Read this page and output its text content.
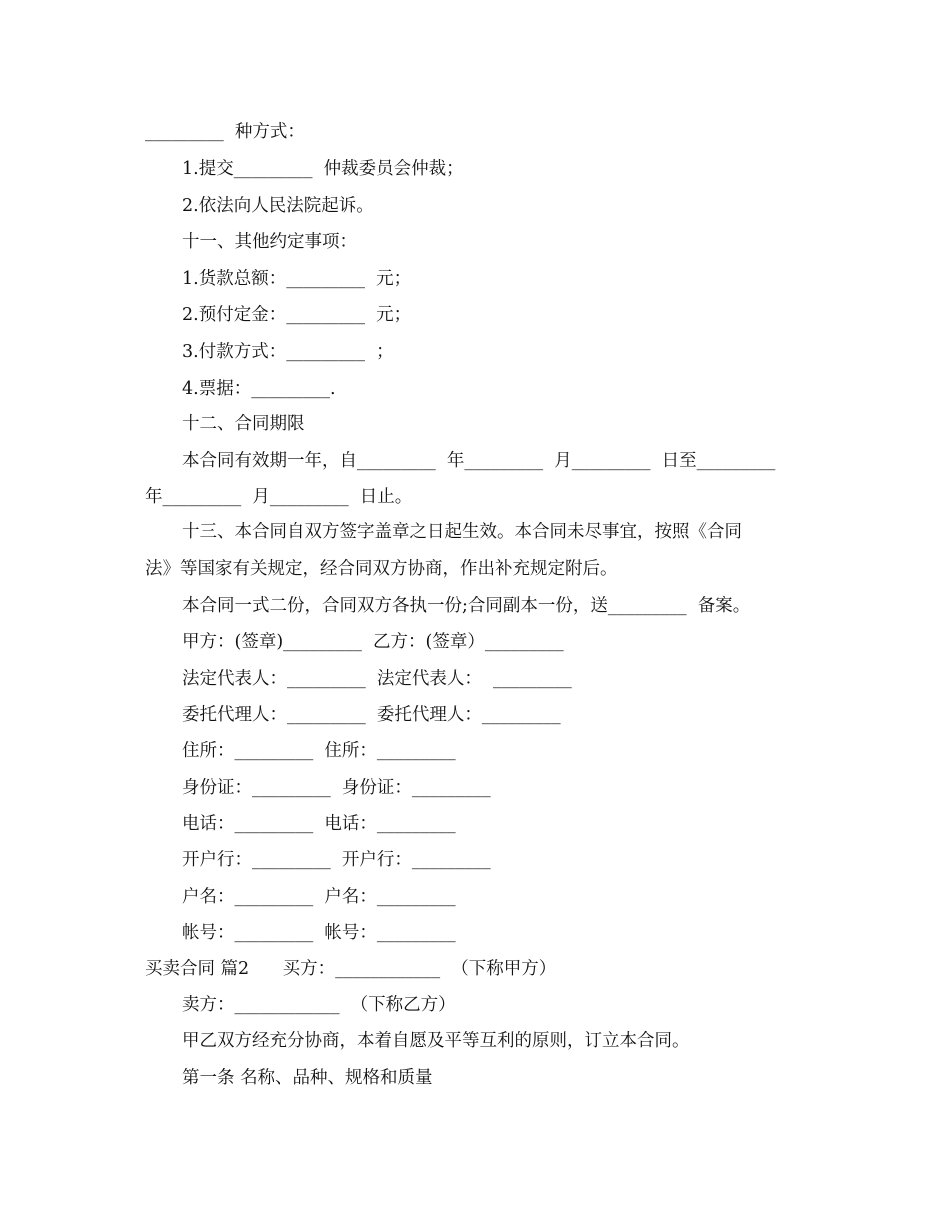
_________  种方式：
1.提交_________  仲裁委员会仲裁；
2.依法向人民法院起诉。
十一、其他约定事项：
1.货款总额：_________  元；
2.预付定金：_________  元；
3.付款方式：_________  ；
4.票据：_________.
十二、合同期限
本合同有效期一年，自_________  年_________  月_________  日至_________
年_________  月_________  日止。
十三、本合同自双方签字盖章之日起生效。本合同未尽事宜，按照《合同
法》等国家有关规定，经合同双方协商，作出补充规定附后。
本合同一式二份，合同双方各执一份;合同副本一份，送_________  备案。
甲方：(签章)_________  乙方：(签章）_________
法定代表人：_________  法定代表人：  _________
委托代理人：_________  委托代理人：_________
住所：_________  住所：_________
身份证：_________  身份证：_________
电话：_________  电话：_________
开户行：_________  开户行：_________
户名：_________  户名：_________
帐号：_________  帐号：_________
买卖合同 篇2      买方：____________  （下称甲方）
卖方：____________  （下称乙方）
甲乙双方经充分协商，本着自愿及平等互利的原则，订立本合同。
第一条 名称、品种、规格和质量
